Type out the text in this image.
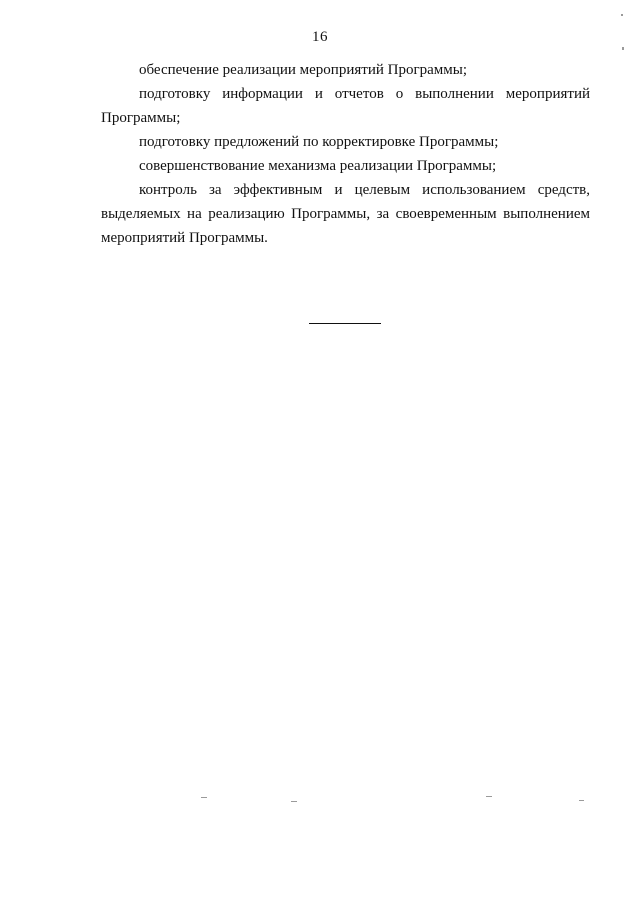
16

обеспечение реализации мероприятий Программы;

подготовку информации и отчетов о выполнении мероприятий Программы;

подготовку предложений по корректировке Программы;

совершенствование механизма реализации Программы;

контроль за эффективным и целевым использованием средств, выделяемых на реализацию Программы, за своевременным выполнением мероприятий Программы.
